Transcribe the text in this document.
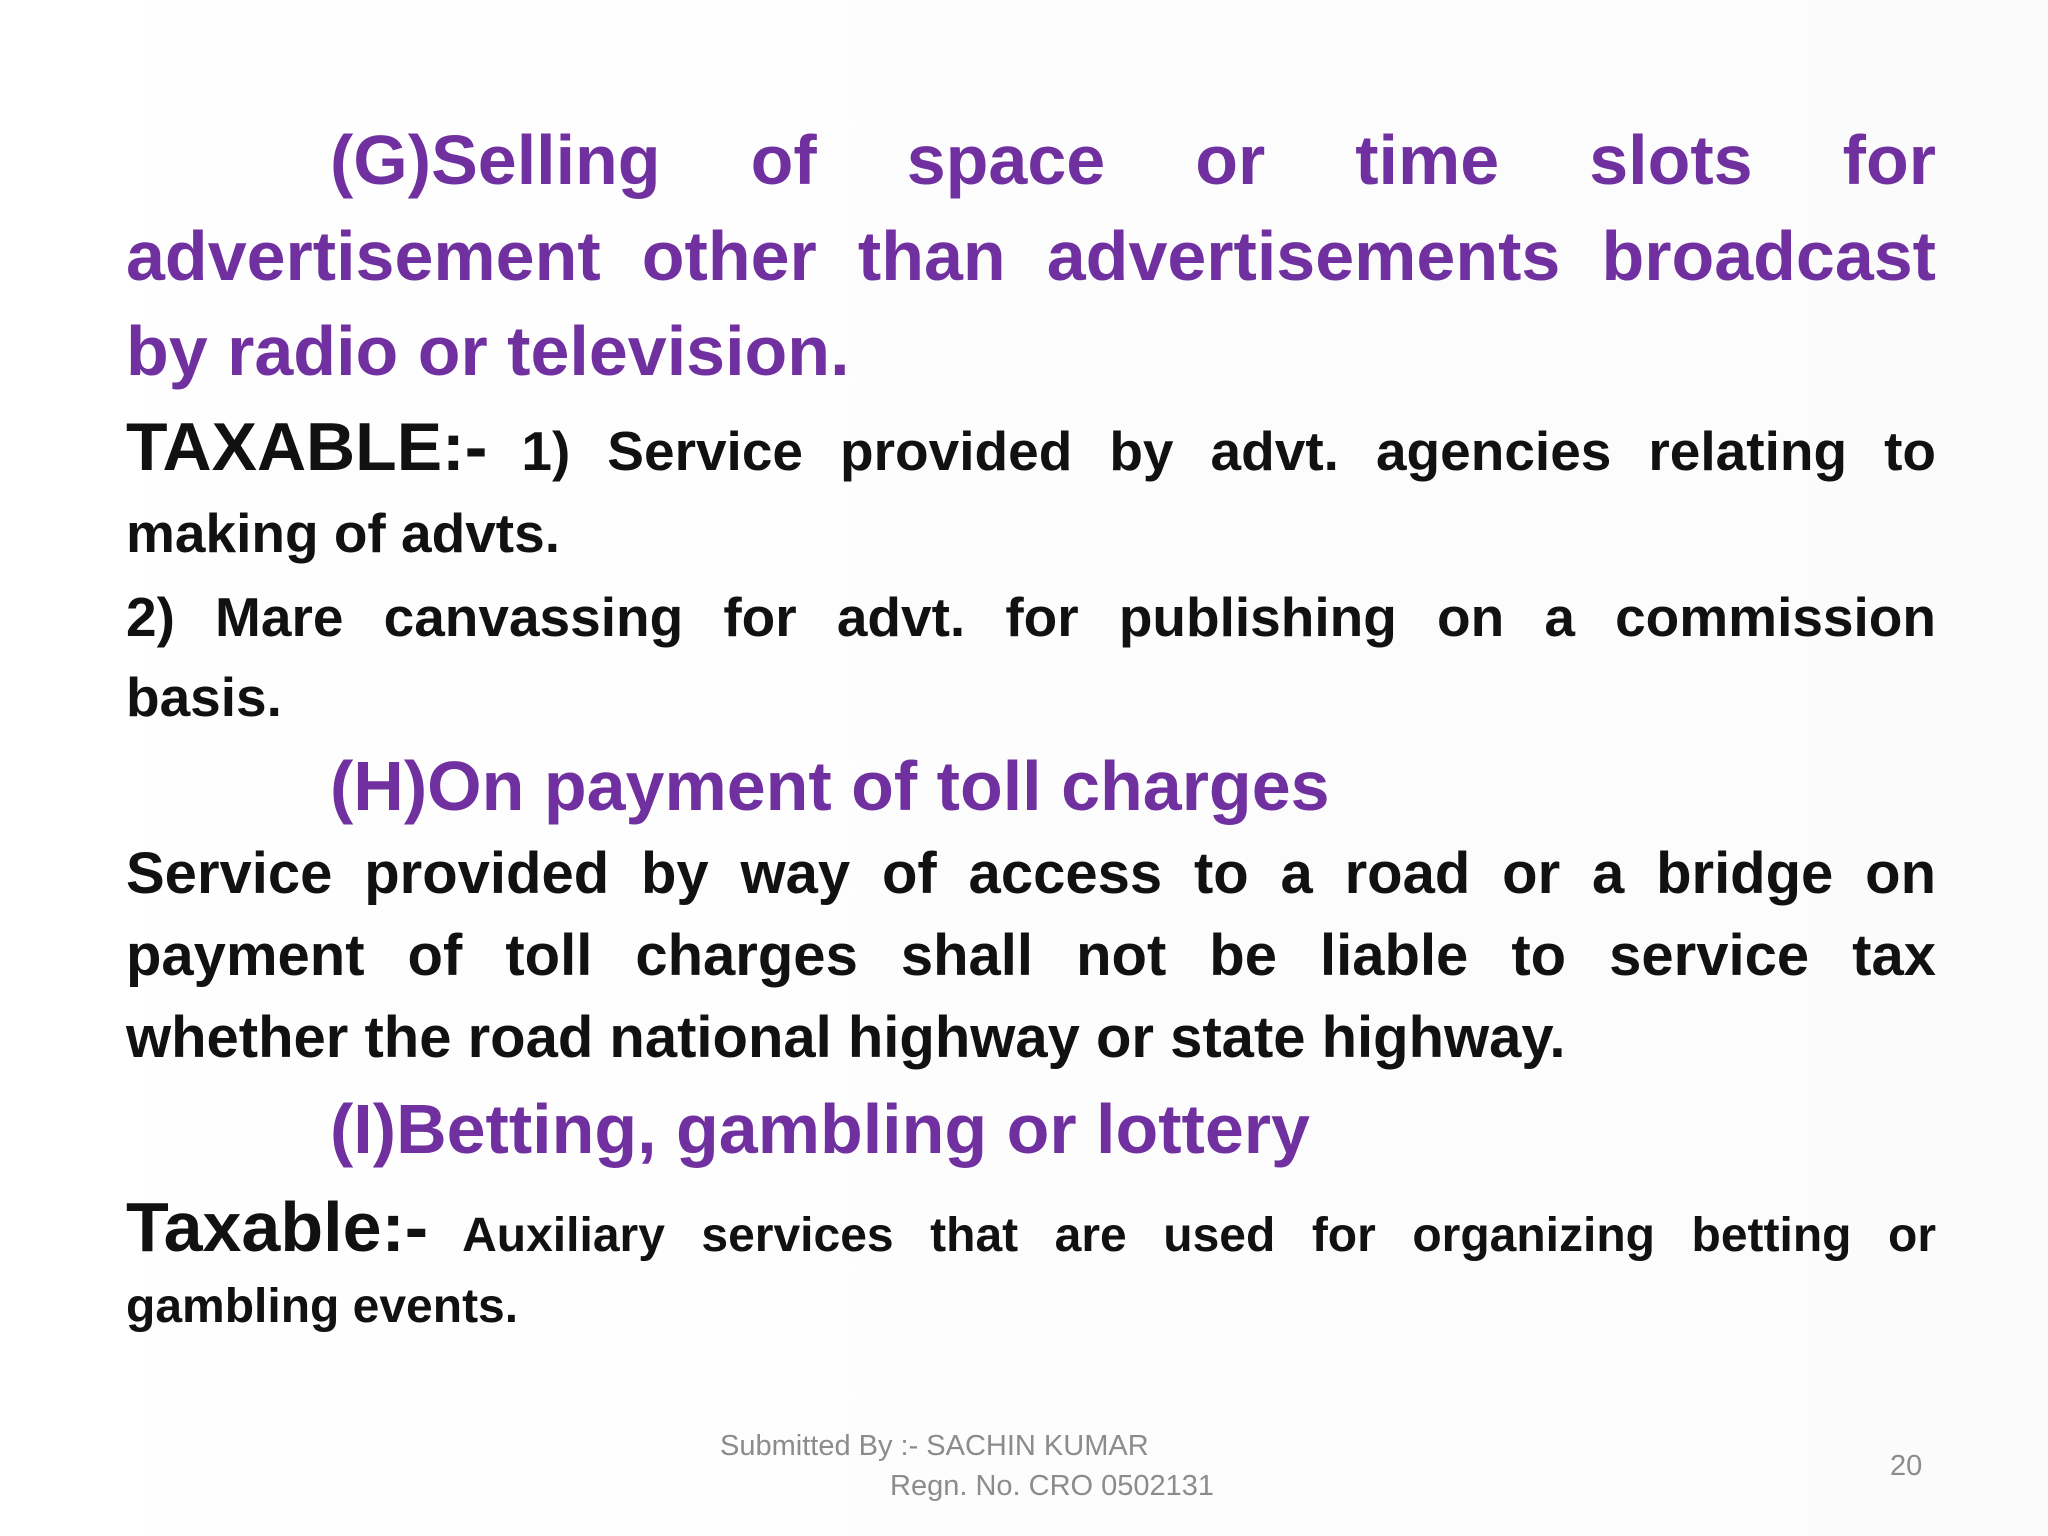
(G)Selling of space or time slots for
advertisement other than advertisements broadcast
by radio or television.
TAXABLE:- 1) Service provided by advt. agencies relating to
making of advts.
2) Mare canvassing for advt. for publishing on a commission
basis.
(H)On payment of toll charges
Service provided by way of access to a road or a bridge on
payment of toll charges shall not be liable to service tax
whether the road national highway or state highway.
(I)Betting, gambling or lottery
Taxable:- Auxiliary services that are used for organizing betting or
gambling events.
Submitted By :- SACHIN KUMAR
Regn. No. CRO 0502131
20
